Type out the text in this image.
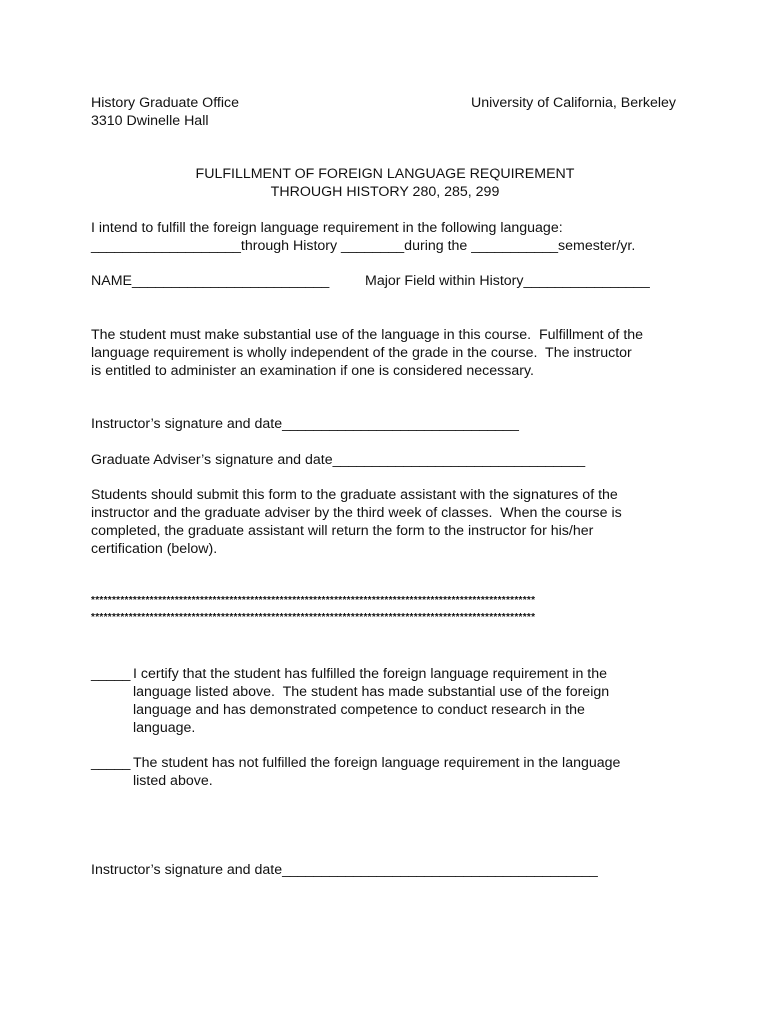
History Graduate Office
3310 Dwinelle Hall
University of California, Berkeley
FULFILLMENT OF FOREIGN LANGUAGE REQUIREMENT
THROUGH HISTORY 280, 285, 299
I intend to fulfill the foreign language requirement in the following language:
___________________through History ________during the ___________semester/yr.
NAME_________________________	Major Field within History________________
The student must make substantial use of the language in this course.  Fulfillment of the
language requirement is wholly independent of the grade in the course.  The instructor
is entitled to administer an examination if one is considered necessary.
Instructor’s signature and date______________________________
Graduate Adviser’s signature and date________________________________
Students should submit this form to the graduate assistant with the signatures of the
instructor and the graduate adviser by the third week of classes.  When the course is
completed, the graduate assistant will return the form to the instructor for his/her
certification (below).
**********************************************************************************************************
**********************************************************************************************************
_____ I certify that the student has fulfilled the foreign language requirement in the
language listed above.  The student has made substantial use of the foreign
language and has demonstrated competence to conduct research in the
language.
_____ The student has not fulfilled the foreign language requirement in the language
listed above.
Instructor’s signature and date________________________________________
